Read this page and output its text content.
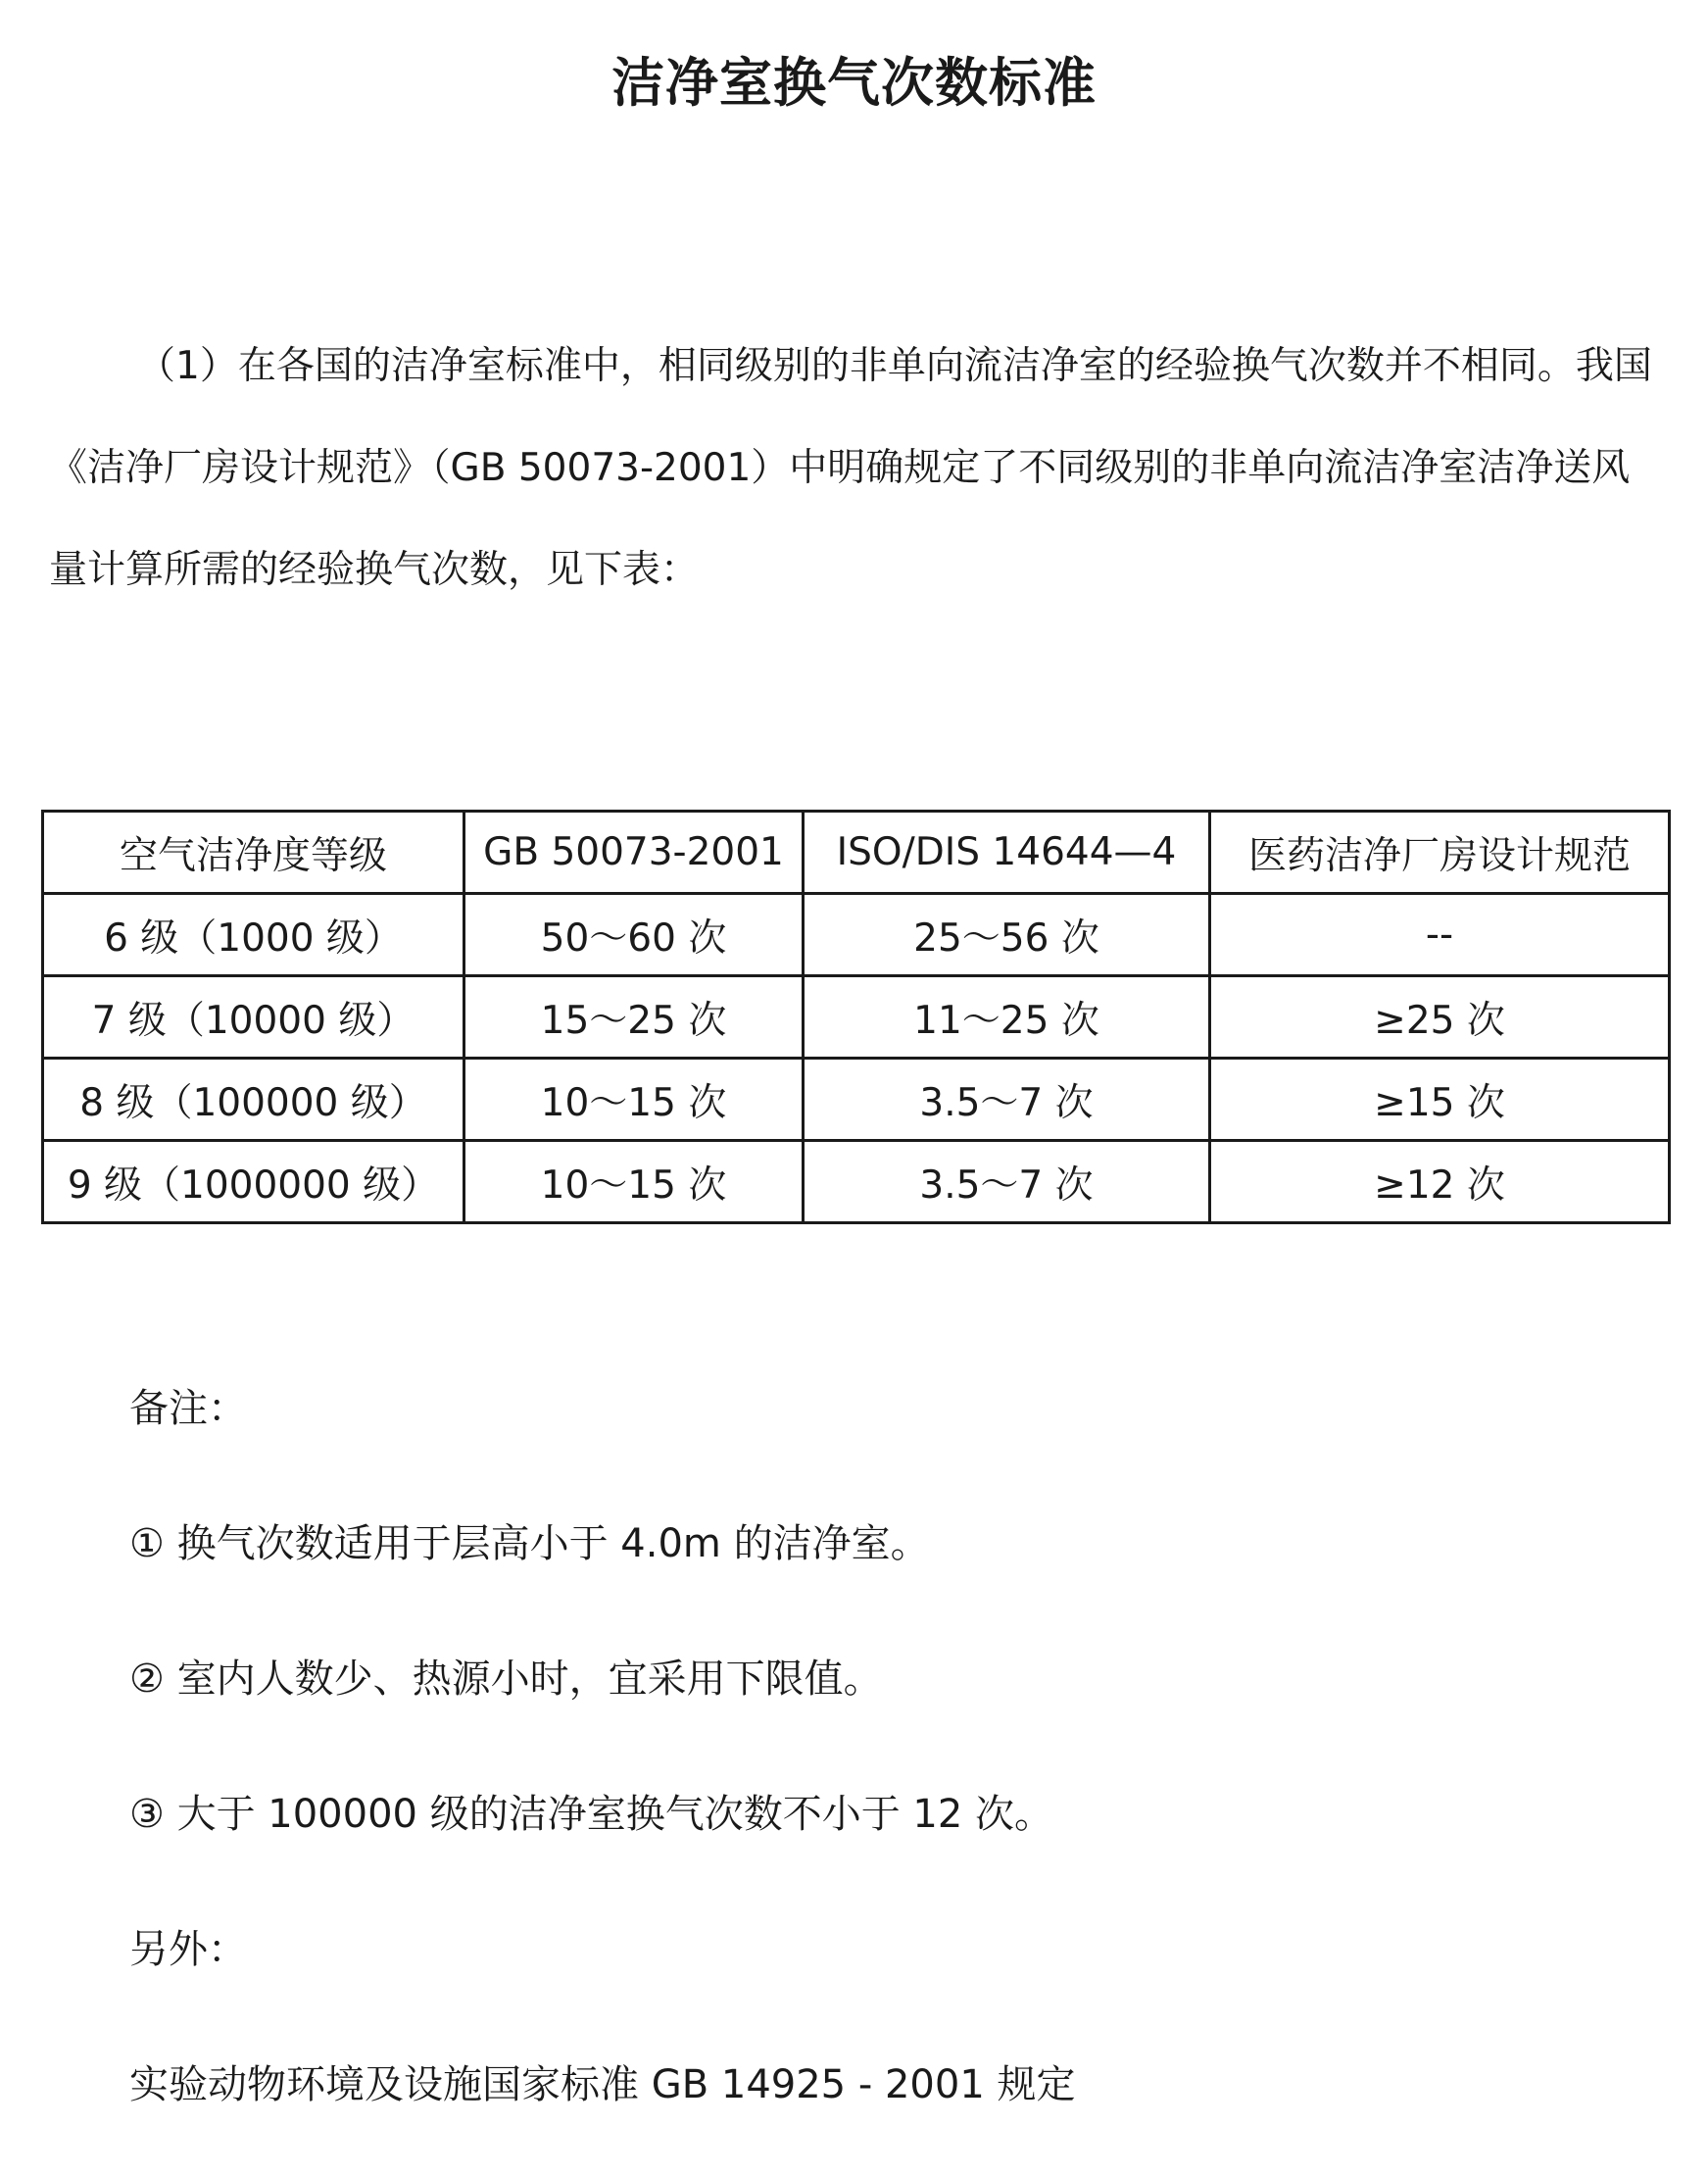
洁净室换气次数标准

（1）在各国的洁净室标准中，相同级别的非单向流洁净室的经验换气次数并不相同。我国《洁净厂房设计规范》（GB 50073-2001）中明确规定了不同级别的非单向流洁净室洁净送风量计算所需的经验换气次数，见下表：

空气洁净度等级	GB 50073-2001	ISO/DIS 14644—4	医药洁净厂房设计规范
6 级（1000 级）	50～60 次	25～56 次	--
7 级（10000 级）	15～25 次	11～25 次	≥25 次
8 级（100000 级）	10～15 次	3.5～7 次	≥15 次
9 级（1000000 级）	10～15 次	3.5～7 次	≥12 次
备注：
① 换气次数适用于层高小于 4.0m 的洁净室。
② 室内人数少、热源小时，宜采用下限值。
③ 大于 100000 级的洁净室换气次数不小于 12 次。
另外：
实验动物环境及设施国家标准 GB 14925 - 2001 规定
